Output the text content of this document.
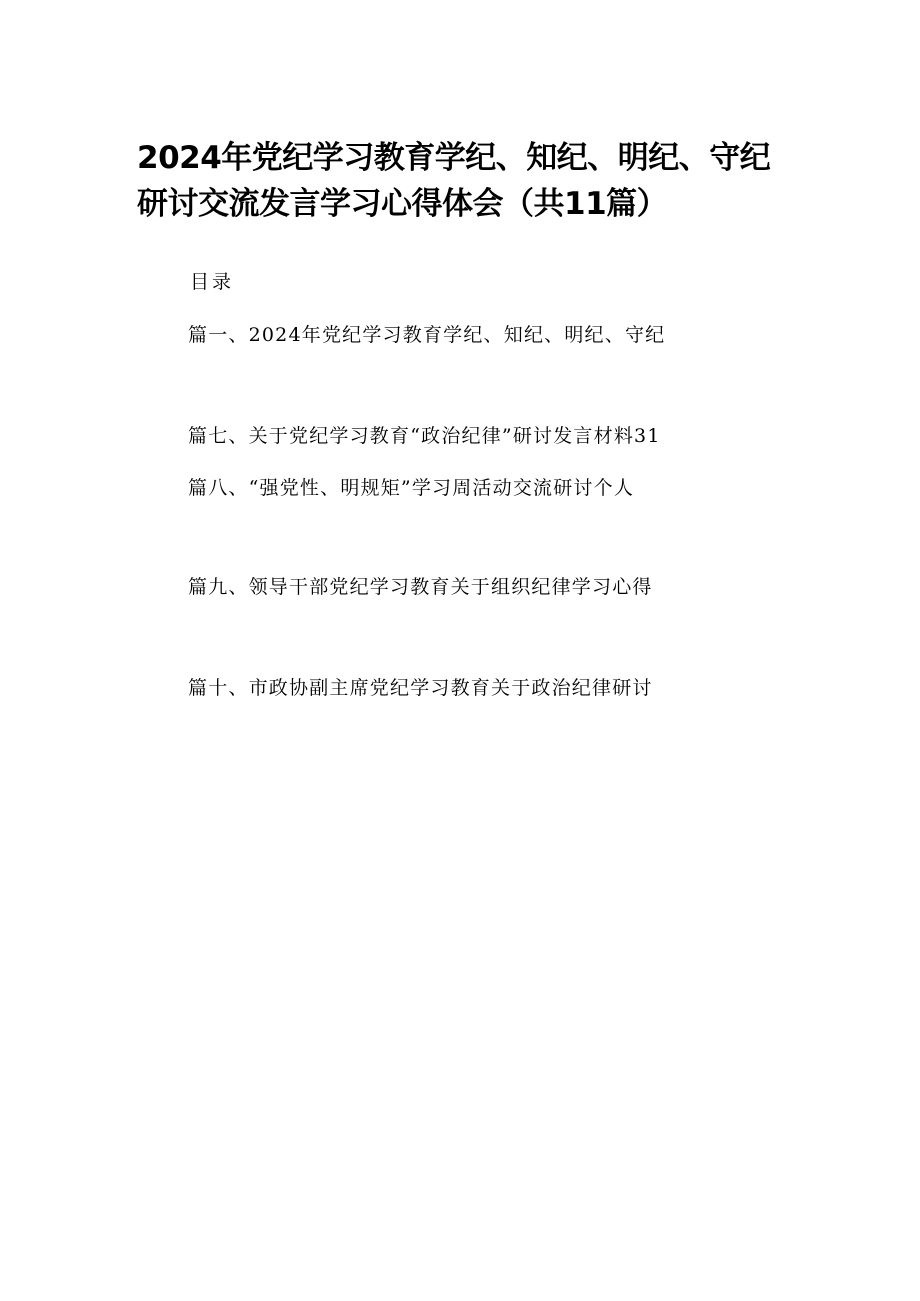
2024年党纪学习教育学纪、知纪、明纪、守纪
研讨交流发言学习心得体会（共11篇）
目录
篇一、2024年党纪学习教育学纪、知纪、明纪、守纪
篇七、关于党纪学习教育“政治纪律”研讨发言材料31
篇八、“强党性、明规矩”学习周活动交流研讨个人
篇九、领导干部党纪学习教育关于组织纪律学习心得
篇十、市政协副主席党纪学习教育关于政治纪律研讨
